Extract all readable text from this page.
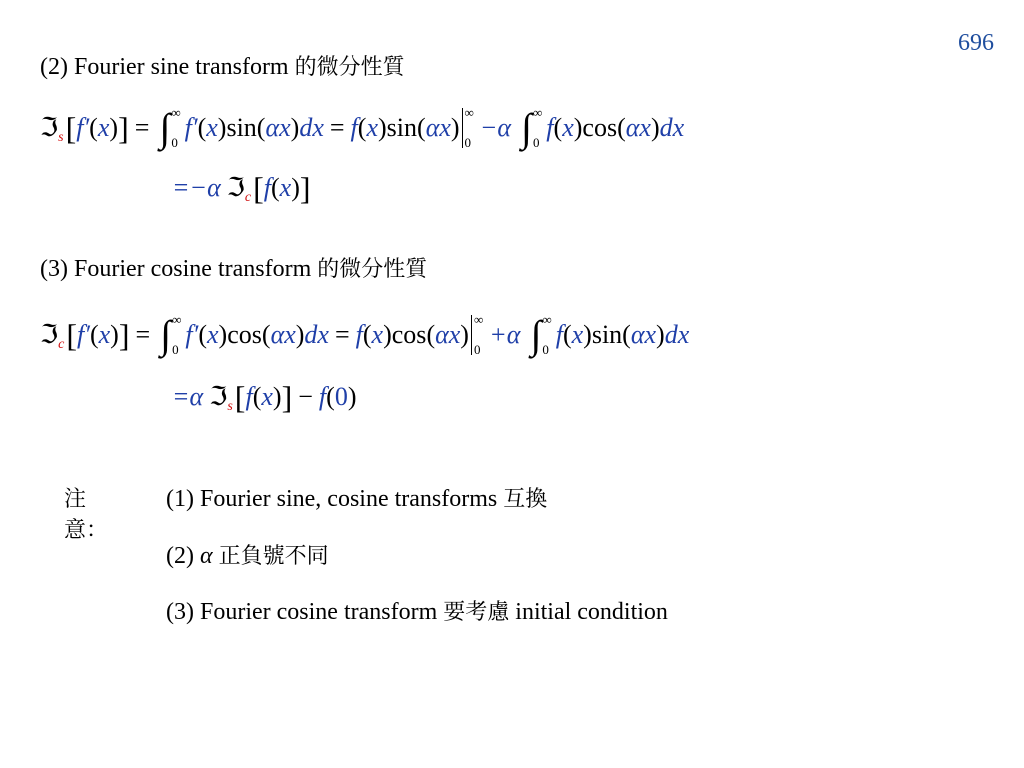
696
(2) Fourier sine transform 的微分性質
ℑ s [ f′ ( x ) ] = ∫ ∞
0
f′ ( x ) sin ( αx ) dx = f ( x ) sin ( αx )
∞
0
−α ∫ ∞
0
f ( x ) cos ( αx ) dx
=−α ℑ c [ f ( x ) ]
(3) Fourier cosine transform 的微分性質
ℑ c [ f′ ( x ) ] = ∫ ∞
0
f′ ( x ) cos ( αx ) dx = f ( x ) cos ( αx )
∞
0
+α ∫ ∞
0
f ( x ) sin ( αx ) dx
=α ℑ s [ f ( x ) ] − f ( 0 )
注意：
(1) Fourier sine, cosine transforms 互換
(2) α 正負號不同
(3) Fourier cosine transform 要考慮 initial condition
